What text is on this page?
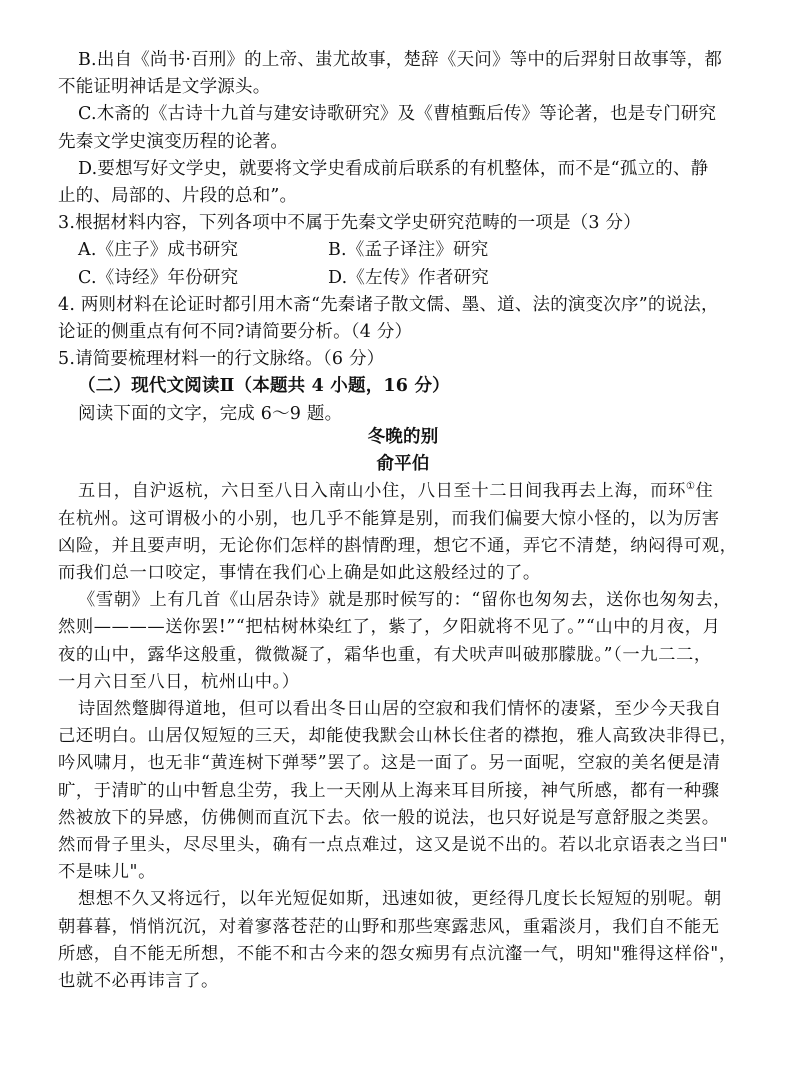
B.出自《尚书·百刑》的上帝、蚩尤故事，楚辞《天问》等中的后羿射日故事等，都
不能证明神话是文学源头。
C.木斋的《古诗十九首与建安诗歌研究》及《曹植甄后传》等论著，也是专门研究
先秦文学史演变历程的论著。
D.要想写好文学史，就要将文学史看成前后联系的有机整体，而不是“孤立的、静
止的、局部的、片段的总和”。
3.根据材料内容，下列各项中不属于先秦文学史研究范畴的一项是（3 分）
A.《庄子》成书研究	B.《孟子译注》研究
C.《诗经》年份研究	D.《左传》作者研究
4. 两则材料在论证时都引用木斋“先秦诸子散文儒、墨、道、法的演变次序”的说法，
论证的侧重点有何不同?请简要分析。（4 分）
5.请简要梳理材料一的行文脉络。（6 分）
（二）现代文阅读Ⅱ（本题共 4 小题，16 分）
阅读下面的文字，完成 6～9 题。
冬晚的别
俞平伯
五日，自沪返杭，六日至八日入南山小住，八日至十二日间我再去上海，而环①住
在杭州。这可谓极小的小别，也几乎不能算是别，而我们偏要大惊小怪的，以为厉害
凶险，并且要声明，无论你们怎样的斟情酌理，想它不通，弄它不清楚，纳闷得可观，
而我们总一口咬定，事情在我们心上确是如此这般经过的了。
《雪朝》上有几首《山居杂诗》就是那时候写的：“留你也匆匆去，送你也匆匆去，
然则————送你罢!”“把枯树林染红了，紫了，夕阳就将不见了。”“山中的月夜，月
夜的山中，露华这般重，微微凝了，霜华也重，有犬吠声叫破那朦胧。”（一九二二，
一月六日至八日，杭州山中。）
诗固然蹩脚得道地，但可以看出冬日山居的空寂和我们情怀的凄紧，至少今天我自
己还明白。山居仅短短的三天，却能使我默会山林长住者的襟抱，雅人高致决非得已，
吟风啸月，也无非“黄连树下弹琴”罢了。这是一面了。另一面呢，空寂的美名便是清
旷，于清旷的山中暂息尘劳，我上一天刚从上海来耳目所接，神气所感，都有一种骤
然被放下的异感，仿佛侧而直沉下去。依一般的说法，也只好说是写意舒服之类罢。
然而骨子里头，尽尽里头，确有一点点难过，这又是说不出的。若以北京语表之当曰"
不是味儿"。
想想不久又将远行，以年光短促如斯，迅速如彼，更经得几度长长短短的别呢。朝
朝暮暮，悄悄沉沉，对着寥落苍茫的山野和那些寒露悲风，重霜淡月，我们自不能无
所感，自不能无所想，不能不和古今来的怨女痴男有点沆瀣一气，明知"雅得这样俗"，
也就不必再讳言了。
